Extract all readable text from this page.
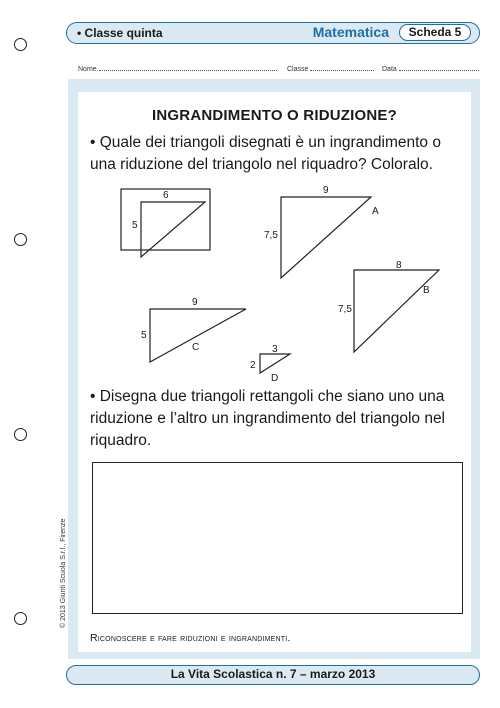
• Classe quinta	Matematica	Scheda 5
Nome	Classe	Data
© 2013 Giunti Scuola S.r.l., Firenze
INGRANDIMENTO O RIDUZIONE?
• Quale dei triangoli disegnati è un ingrandimento o una riduzione del triangolo nel riquadro? Coloralo.
6
5
9
7,5
A
8
7,5
B
9
5
C	3
2
D
• Disegna due triangoli rettangoli che siano uno una riduzione e l’altro un ingrandimento del triangolo nel riquadro.
Riconoscere e fare riduzioni e ingrandimenti.
La Vita Scolastica n. 7 – marzo 2013
